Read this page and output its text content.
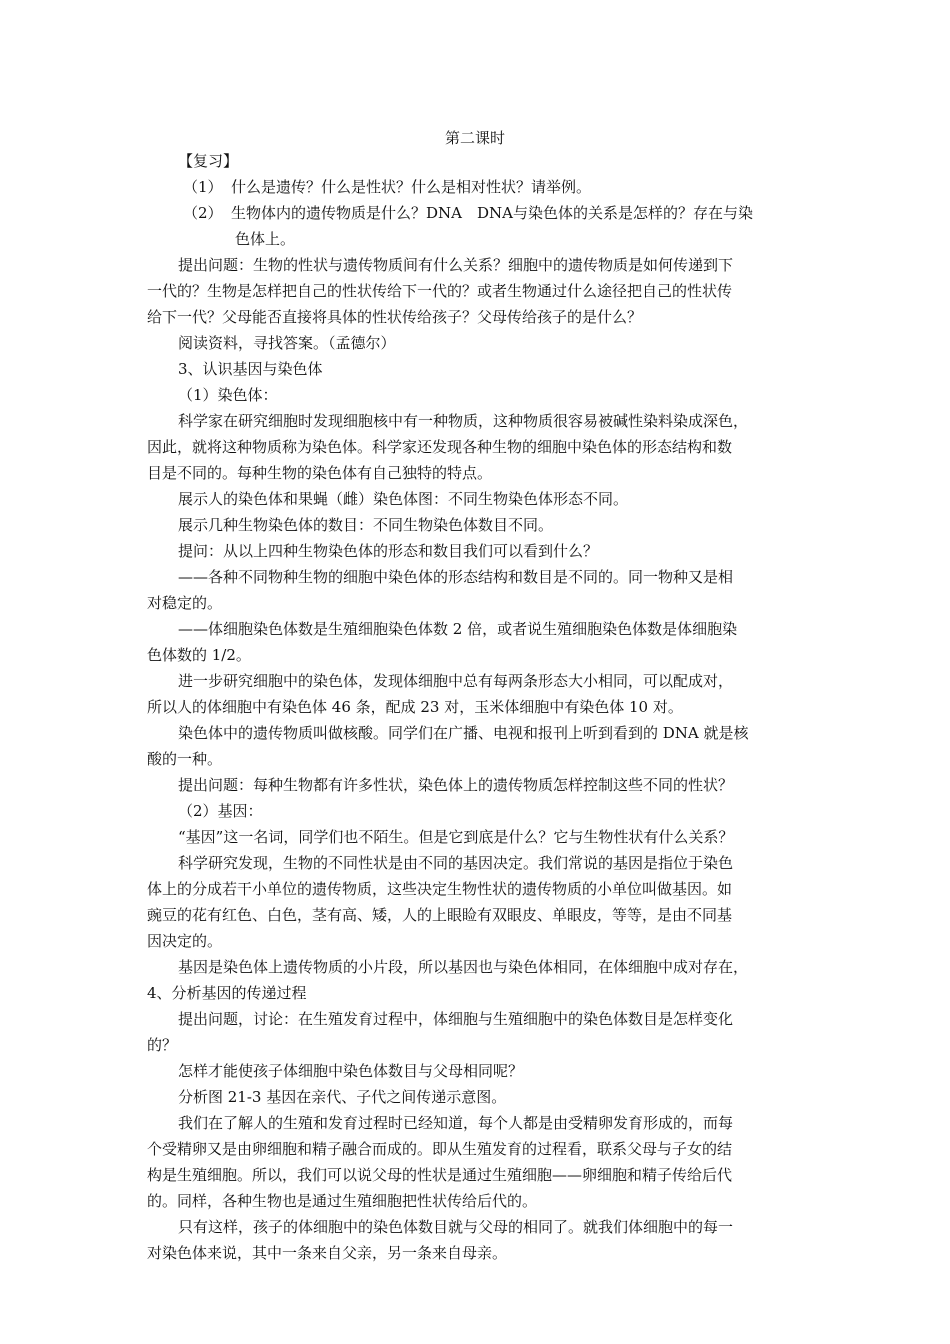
第二课时
【复习】
（1） 什么是遗传？什么是性状？什么是相对性状？请举例。
（2） 生物体内的遗传物质是什么？DNA　DNA与染色体的关系是怎样的？存在与染
色体上。
提出问题：生物的性状与遗传物质间有什么关系？细胞中的遗传物质是如何传递到下
一代的？生物是怎样把自己的性状传给下一代的？或者生物通过什么途径把自己的性状传
给下一代？父母能否直接将具体的性状传给孩子？父母传给孩子的是什么？
阅读资料，寻找答案。（孟德尔）
3、认识基因与染色体
（1）染色体：
科学家在研究细胞时发现细胞核中有一种物质，这种物质很容易被碱性染料染成深色，
因此，就将这种物质称为染色体。科学家还发现各种生物的细胞中染色体的形态结构和数
目是不同的。每种生物的染色体有自己独特的特点。
展示人的染色体和果蝇（雌）染色体图：不同生物染色体形态不同。
展示几种生物染色体的数目：不同生物染色体数目不同。
提问：从以上四种生物染色体的形态和数目我们可以看到什么？
——各种不同物种生物的细胞中染色体的形态结构和数目是不同的。同一物种又是相
对稳定的。
——体细胞染色体数是生殖细胞染色体数 2 倍，或者说生殖细胞染色体数是体细胞染
色体数的 1/2。
进一步研究细胞中的染色体，发现体细胞中总有每两条形态大小相同，可以配成对，
所以人的体细胞中有染色体 46 条，配成 23 对，玉米体细胞中有染色体 10 对。
染色体中的遗传物质叫做核酸。同学们在广播、电视和报刊上听到看到的 DNA 就是核
酸的一种。
提出问题：每种生物都有许多性状，染色体上的遗传物质怎样控制这些不同的性状？
（2）基因：
“基因”这一名词，同学们也不陌生。但是它到底是什么？它与生物性状有什么关系？
科学研究发现，生物的不同性状是由不同的基因决定。我们常说的基因是指位于染色
体上的分成若干小单位的遗传物质，这些决定生物性状的遗传物质的小单位叫做基因。如
豌豆的花有红色、白色，茎有高、矮，人的上眼睑有双眼皮、单眼皮，等等，是由不同基
因决定的。
基因是染色体上遗传物质的小片段，所以基因也与染色体相同，在体细胞中成对存在，
4、分析基因的传递过程
提出问题，讨论：在生殖发育过程中，体细胞与生殖细胞中的染色体数目是怎样变化
的？
怎样才能使孩子体细胞中染色体数目与父母相同呢？
分析图 21-3 基因在亲代、子代之间传递示意图。
我们在了解人的生殖和发育过程时已经知道，每个人都是由受精卵发育形成的，而每
个受精卵又是由卵细胞和精子融合而成的。即从生殖发育的过程看，联系父母与子女的结
构是生殖细胞。所以，我们可以说父母的性状是通过生殖细胞——卵细胞和精子传给后代
的。同样，各种生物也是通过生殖细胞把性状传给后代的。
只有这样，孩子的体细胞中的染色体数目就与父母的相同了。就我们体细胞中的每一
对染色体来说，其中一条来自父亲，另一条来自母亲。
